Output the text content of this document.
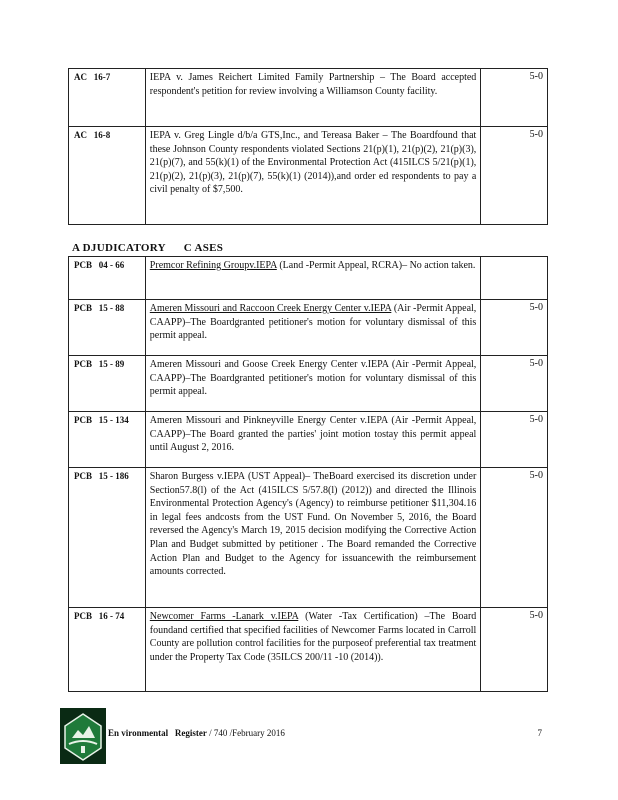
AC   16-7	IEPA v. James Reichert Limited Family Partnership – The Board accepted respondent's petition for review involving a Williamson County facility.	5-0

AC   16-8	IEPA v. Greg Lingle d/b/a GTS,Inc., and Tereasa Baker – The Boardfound that these Johnson County respondents violated Sections 21(p)(1), 21(p)(2), 21(p)(3), 21(p)(7), and 55(k)(1) of the Environmental Protection Act (415ILCS 5/21(p)(1), 21(p)(2), 21(p)(3), 21(p)(7), 55(k)(1) (2014)),and order ed respondents to pay a civil penalty of $7,500.	5-0
A DJUDICATORY      C ASES
PCB   04 - 66	Premcor Refining Groupv.IEPA (Land -Permit Appeal, RCRA)– No action taken.	

PCB   15 - 88	Ameren Missouri and Raccoon Creek Energy Center v.IEPA (Air -Permit Appeal, CAAPP)–The Boardgranted petitioner's motion for voluntary dismissal of this permit appeal.	5-0

PCB   15 - 89	Ameren Missouri and Goose Creek Energy Center v.IEPA (Air -Permit Appeal, CAAPP)–The Boardgranted petitioner's motion for voluntary dismissal of this permit appeal.	5-0

PCB   15 - 134	Ameren Missouri and Pinkneyville Energy Center v.IEPA (Air -Permit Appeal, CAAPP)–The Board granted the parties' joint motion tostay this permit appeal until August 2, 2016.	5-0

PCB   15 - 186	Sharon Burgess v.IEPA (UST Appeal)– TheBoard exercised its discretion under Section57.8(l) of the Act (415ILCS 5/57.8(l) (2012)) and directed the Illinois Environmental Protection Agency's (Agency) to reimburse petitioner $11,304.16 in legal fees andcosts from the UST Fund. On November 5, 2016, the Board reversed the Agency's March 19, 2015 decision modifying the Corrective Action Plan and Budget submitted by petitioner . The Board remanded the Corrective Action Plan and Budget to the Agency for issuancewith the reimbursement amounts corrected.	5-0

PCB   16 - 74	Newcomer Farms -Lanark v.IEPA (Water -Tax Certification) –The Board foundand certified that specified facilities of Newcomer Farms located in Carroll County are pollution control facilities for the purposeof preferential tax treatment under the Property Tax Code (35ILCS 200/11 -10 (2014)).	5-0
En vironmental Register / 740 /February 2016	7
